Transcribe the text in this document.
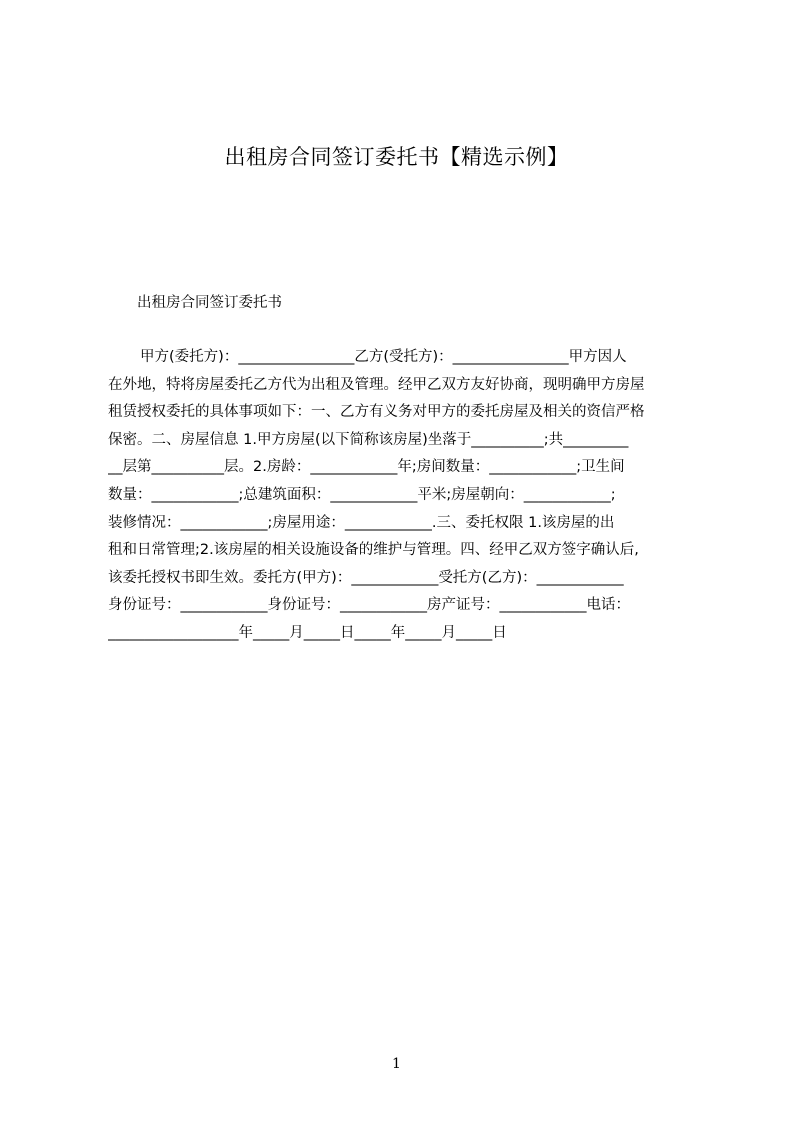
出租房合同签订委托书【精选示例】
出租房合同签订委托书
甲方(委托方)：________________乙方(受托方)：________________甲方因人
在外地，特将房屋委托乙方代为出租及管理。经甲乙双方友好协商，现明确甲方房屋
租赁授权委托的具体事项如下：一、乙方有义务对甲方的委托房屋及相关的资信严格
保密。二、房屋信息 1.甲方房屋(以下简称该房屋)坐落于__________;共_________
__层第__________层。2.房龄：____________年;房间数量：____________;卫生间
数量：____________;总建筑面积：____________平米;房屋朝向：____________;
装修情况：____________;房屋用途：____________.三、委托权限 1.该房屋的出
租和日常管理;2.该房屋的相关设施设备的维护与管理。四、经甲乙双方签字确认后,
该委托授权书即生效。委托方(甲方)：____________受托方(乙方)：____________
身份证号：____________身份证号：____________房产证号：____________电话：
__________________年_____月_____日_____年_____月_____日
1
